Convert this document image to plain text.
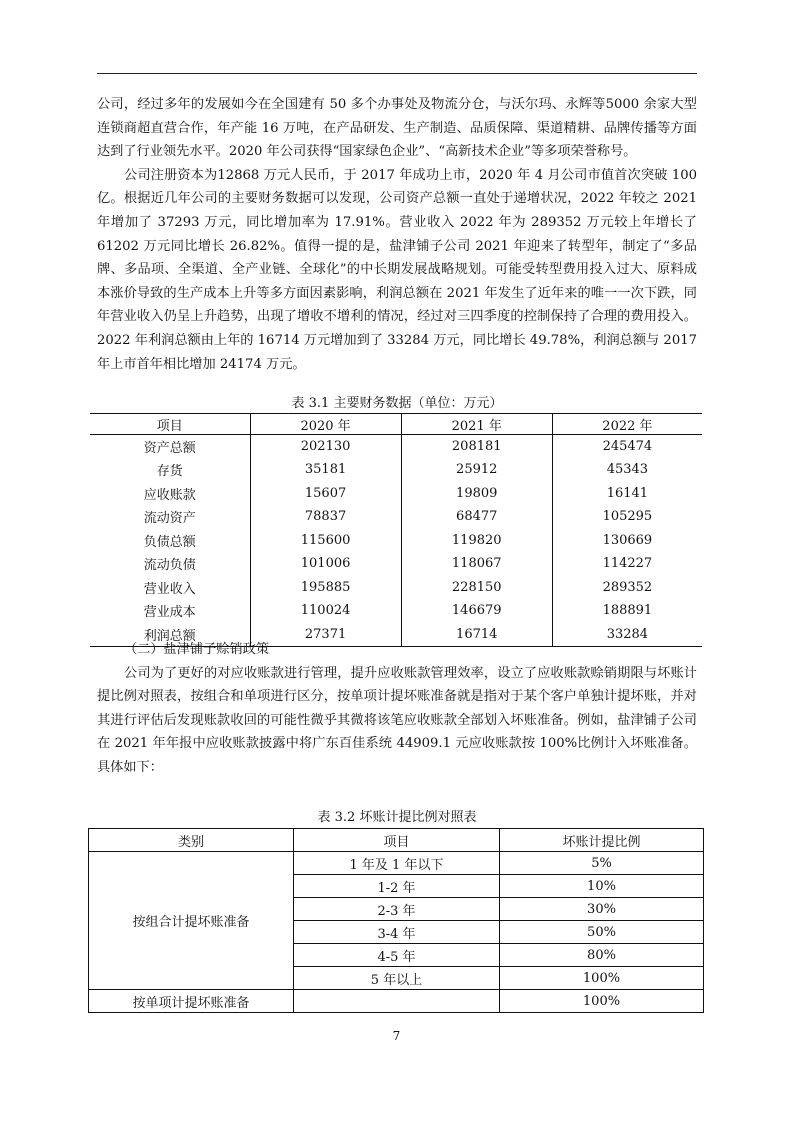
公司，经过多年的发展如今在全国建有 50 多个办事处及物流分仓，与沃尔玛、永辉等5000 余家大型连锁商超直营合作，年产能 16 万吨，在产品研发、生产制造、品质保障、渠道精耕、品牌传播等方面达到了行业领先水平。2020 年公司获得“国家绿色企业”、“高新技术企业”等多项荣誉称号。

公司注册资本为12868 万元人民币，于 2017 年成功上市，2020 年 4 月公司市值首次突破 100 亿。根据近几年公司的主要财务数据可以发现，公司资产总额一直处于递增状况，2022 年较之 2021 年增加了 37293 万元，同比增加率为 17.91%。营业收入 2022 年为 289352 万元较上年增长了 61202 万元同比增长 26.82%。值得一提的是，盐津铺子公司 2021 年迎来了转型年，制定了“多品牌、多品项、全渠道、全产业链、全球化”的中长期发展战略规划。可能受转型费用投入过大、原料成本涨价导致的生产成本上升等多方面因素影响，利润总额在 2021 年发生了近年来的唯一一次下跌，同年营业收入仍呈上升趋势，出现了增收不增利的情况，经过对三四季度的控制保持了合理的费用投入。2022 年利润总额由上年的 16714 万元增加到了 33284 万元，同比增长 49.78%，利润总额与 2017 年上市首年相比增加 24174 万元。

表 3.1 主要财务数据（单位：万元）
项目	2020 年	2021 年	2022 年
资产总额	202130	208181	245474
存货	35181	25912	45343
应收账款	15607	19809	16141
流动资产	78837	68477	105295
负债总额	115600	119820	130669
流动负债	101006	118067	114227
营业收入	195885	228150	289352
营业成本	110024	146679	188891
利润总额	27371	16714	33284

（二）盐津铺子赊销政策

公司为了更好的对应收账款进行管理，提升应收账款管理效率，设立了应收账款赊销期限与坏账计提比例对照表，按组合和单项进行区分，按单项计提坏账准备就是指对于某个客户单独计提坏账，并对其进行评估后发现账款收回的可能性微乎其微将该笔应收账款全部划入坏账准备。例如，盐津铺子公司在 2021 年年报中应收账款披露中将广东百佳系统 44909.1 元应收账款按 100%比例计入坏账准备。具体如下：

表 3.2 坏账计提比例对照表
类别	项目	坏账计提比例
按组合计提坏账准备	1 年及 1 年以下	5%
	1-2 年	10%
	2-3 年	30%
	3-4 年	50%
	4-5 年	80%
	5 年以上	100%
按单项计提坏账准备		100%
7
